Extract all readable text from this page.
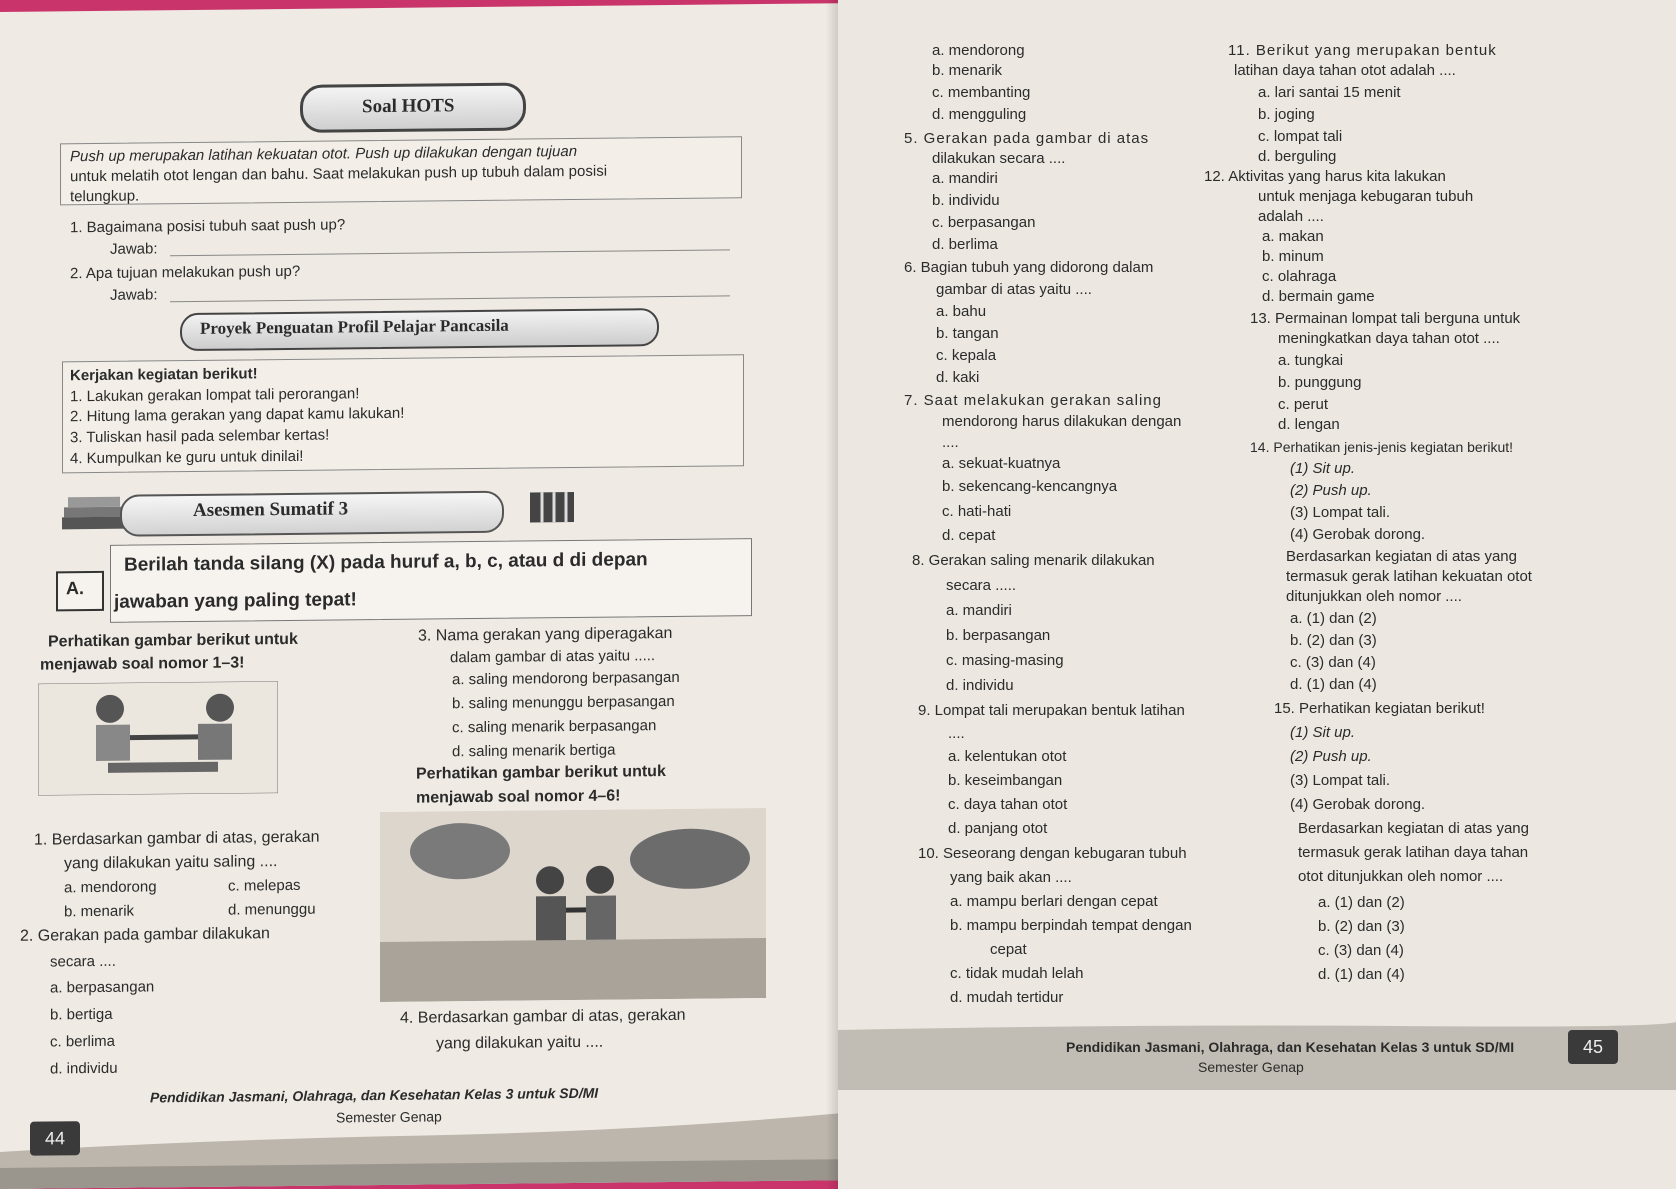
Soal HOTS
Push up merupakan latihan kekuatan otot. Push up dilakukan dengan tujuan
untuk melatih otot lengan dan bahu. Saat melakukan push up tubuh dalam posisi
telungkup.
1. Bagaimana posisi tubuh saat push up?
Jawab:
2. Apa tujuan melakukan push up?
Jawab:
Proyek Penguatan Profil Pelajar Pancasila
Kerjakan kegiatan berikut!
1. Lakukan gerakan lompat tali perorangan!
2. Hitung lama gerakan yang dapat kamu lakukan!
3. Tuliskan hasil pada selembar kertas!
4. Kumpulkan ke guru untuk dinilai!
Asesmen Sumatif 3
A.
Berilah tanda silang (X) pada huruf a, b, c, atau d di depan
jawaban yang paling tepat!
Perhatikan gambar berikut untuk
menjawab soal nomor 1–3!
3. Nama gerakan yang diperagakan
dalam gambar di atas yaitu .....
a. saling mendorong berpasangan
b. saling menunggu berpasangan
c. saling menarik berpasangan
d. saling menarik bertiga
Perhatikan gambar berikut untuk
menjawab soal nomor 4–6!
1. Berdasarkan gambar di atas, gerakan
yang dilakukan yaitu saling ....
a. mendorong	c. melepas
b. menarik	d. menunggu
2. Gerakan pada gambar dilakukan
secara ....
a. berpasangan
b. bertiga
c. berlima
d. individu
4. Berdasarkan gambar di atas, gerakan
yang dilakukan yaitu ....
Pendidikan Jasmani, Olahraga, dan Kesehatan Kelas 3 untuk SD/MI
Semester Genap
44
a. mendorong
b. menarik
c. membanting
d. mengguling
5. Gerakan pada gambar di atas
dilakukan secara ....
a. mandiri
b. individu
c. berpasangan
d. berlima
6. Bagian tubuh yang didorong dalam
gambar di atas yaitu ....
a. bahu
b. tangan
c. kepala
d. kaki
7. Saat melakukan gerakan saling
mendorong harus dilakukan dengan
....
a. sekuat-kuatnya
b. sekencang-kencangnya
c. hati-hati
d. cepat
8. Gerakan saling menarik dilakukan
secara .....
a. mandiri
b. berpasangan
c. masing-masing
d. individu
9. Lompat tali merupakan bentuk latihan
....
a. kelentukan otot
b. keseimbangan
c. daya tahan otot
d. panjang otot
10. Seseorang dengan kebugaran tubuh
yang baik akan ....
a. mampu berlari dengan cepat
b. mampu berpindah tempat dengan
cepat
c. tidak mudah lelah
d. mudah tertidur
11. Berikut yang merupakan bentuk
latihan daya tahan otot adalah ....
a. lari santai 15 menit
b. joging
c. lompat tali
d. berguling
12. Aktivitas yang harus kita lakukan
untuk menjaga kebugaran tubuh
adalah ....
a. makan
b. minum
c. olahraga
d. bermain game
13. Permainan lompat tali berguna untuk
meningkatkan daya tahan otot ....
a. tungkai
b. punggung
c. perut
d. lengan
14. Perhatikan jenis-jenis kegiatan berikut!
(1) Sit up.
(2) Push up.
(3) Lompat tali.
(4) Gerobak dorong.
Berdasarkan kegiatan di atas yang
termasuk gerak latihan kekuatan otot
ditunjukkan oleh nomor ....
a. (1) dan (2)
b. (2) dan (3)
c. (3) dan (4)
d. (1) dan (4)
15. Perhatikan kegiatan berikut!
(1) Sit up.
(2) Push up.
(3) Lompat tali.
(4) Gerobak dorong.
Berdasarkan kegiatan di atas yang
termasuk gerak latihan daya tahan
otot ditunjukkan oleh nomor ....
a. (1) dan (2)
b. (2) dan (3)
c. (3) dan (4)
d. (1) dan (4)
Pendidikan Jasmani, Olahraga, dan Kesehatan Kelas 3 untuk SD/MI
Semester Genap
45
